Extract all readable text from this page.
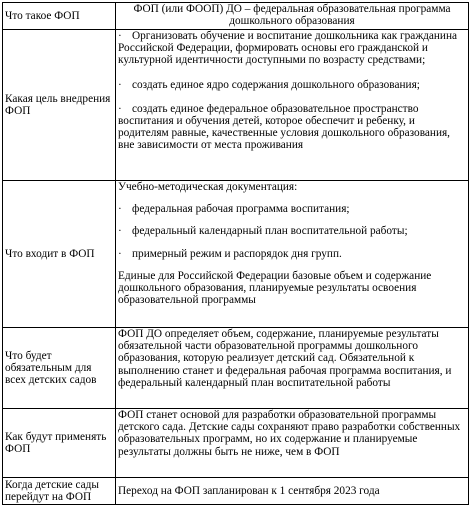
Что такое ФОП	ФОП (или ФООП) ДО – федеральная образовательная программа дошкольного образования

Какая цель внедрения ФОП	· Организовать обучение и воспитание дошкольника как гражданина Российской Федерации, формировать основы его гражданской и культурной идентичности доступными по возрасту средствами;
· создать единое ядро содержания дошкольного образования;
· создать единое федеральное образовательное пространство воспитания и обучения детей, которое обеспечит и ребенку, и родителям равные, качественные условия дошкольного образования, вне зависимости от места проживания

Что входит в ФОП	Учебно-методическая документация:
· федеральная рабочая программа воспитания;
· федеральный календарный план воспитательной работы;
· примерный режим и распорядок дня групп.
Единые для Российской Федерации базовые объем и содержание дошкольного образования, планируемые результаты освоения образовательной программы

Что будет обязательным для всех детских садов	ФОП ДО определяет объем, содержание, планируемые результаты обязательной части образовательной программы дошкольного образования, которую реализует детский сад. Обязательной к выполнению станет и федеральная рабочая программа воспитания, и федеральный календарный план воспитательной работы

Как будут применять ФОП	ФОП станет основой для разработки образовательной программы детского сада. Детские сады сохраняют право разработки собственных образовательных программ, но их содержание и планируемые результаты должны быть не ниже, чем в ФОП

Когда детские сады перейдут на ФОП	Переход на ФОП запланирован к 1 сентября 2023 года
